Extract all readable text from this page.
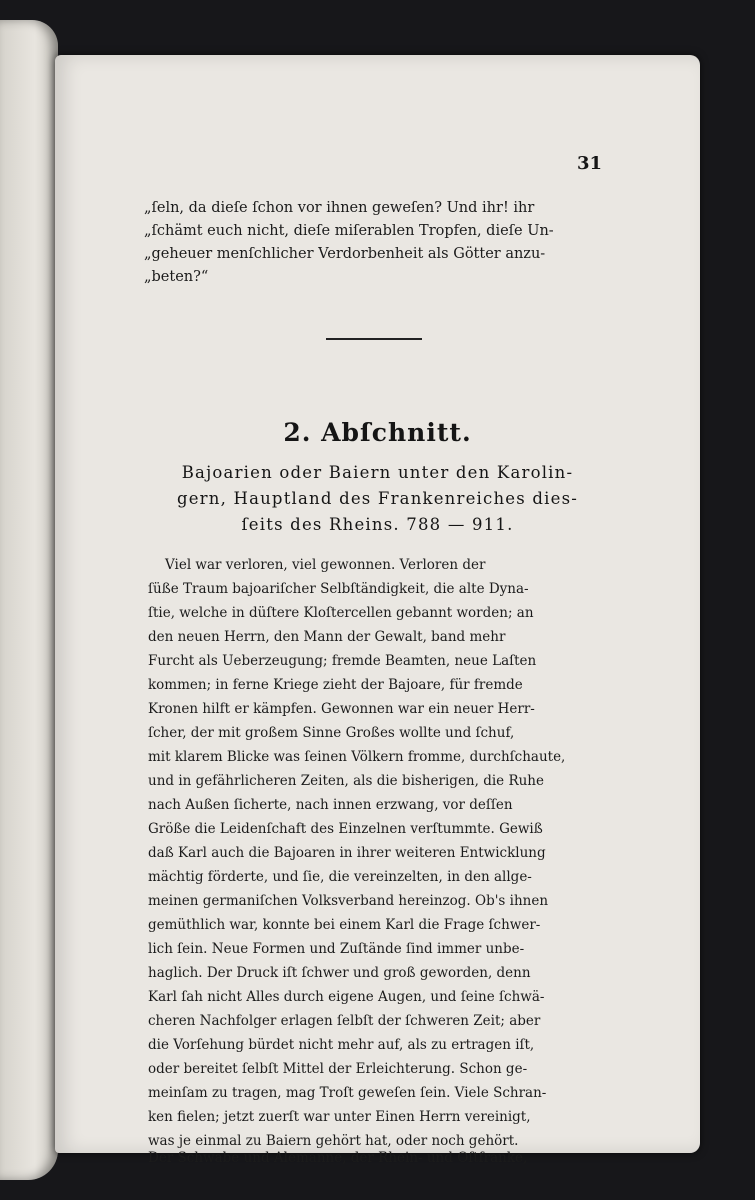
31
„ſeln, da dieſe ſchon vor ihnen geweſen? Und ihr! ihr
„ſchämt euch nicht, dieſe miſerablen Tropfen, dieſe Un-
„geheuer menſchlicher Verdorbenheit als Götter anzu-
„beten?“
2. Abſchnitt.
Bajoarien oder Baiern unter den Karolin-
gern, Hauptland des Frankenreiches dies-
ſeits des Rheins. 788 — 911.
Viel war verloren, viel gewonnen. Verloren der
ſüße Traum bajoariſcher Selbſtändigkeit, die alte Dyna-
ſtie, welche in düſtere Kloſtercellen gebannt worden; an
den neuen Herrn, den Mann der Gewalt, band mehr
Furcht als Ueberzeugung; fremde Beamten, neue Laſten
kommen; in ferne Kriege zieht der Bajoare, für fremde
Kronen hilft er kämpfen. Gewonnen war ein neuer Herr-
ſcher, der mit großem Sinne Großes wollte und ſchuf,
mit klarem Blicke was ſeinen Völkern fromme, durchſchaute,
und in gefährlicheren Zeiten, als die bisherigen, die Ruhe
nach Außen ſicherte, nach innen erzwang, vor deſſen
Größe die Leidenſchaft des Einzelnen verſtummte. Gewiß
daß Karl auch die Bajoaren in ihrer weiteren Entwicklung
mächtig förderte, und ſie, die vereinzelten, in den allge-
meinen germaniſchen Volksverband hereinzog. Ob's ihnen
gemüthlich war, konnte bei einem Karl die Frage ſchwer-
lich ſein. Neue Formen und Zuſtände ſind immer unbe-
haglich. Der Druck iſt ſchwer und groß geworden, denn
Karl ſah nicht Alles durch eigene Augen, und ſeine ſchwä-
cheren Nachfolger erlagen ſelbſt der ſchweren Zeit; aber
die Vorſehung bürdet nicht mehr auf, als zu ertragen iſt,
oder bereitet ſelbſt Mittel der Erleichterung. Schon ge-
meinſam zu tragen, mag Troſt geweſen ſein. Viele Schran-
ken fielen; jetzt zuerſt war unter Einen Herrn vereinigt,
was je einmal zu Baiern gehört hat, oder noch gehört.
Der Schwabe und Alemanne, der Rhein- und Oſtfranke,
